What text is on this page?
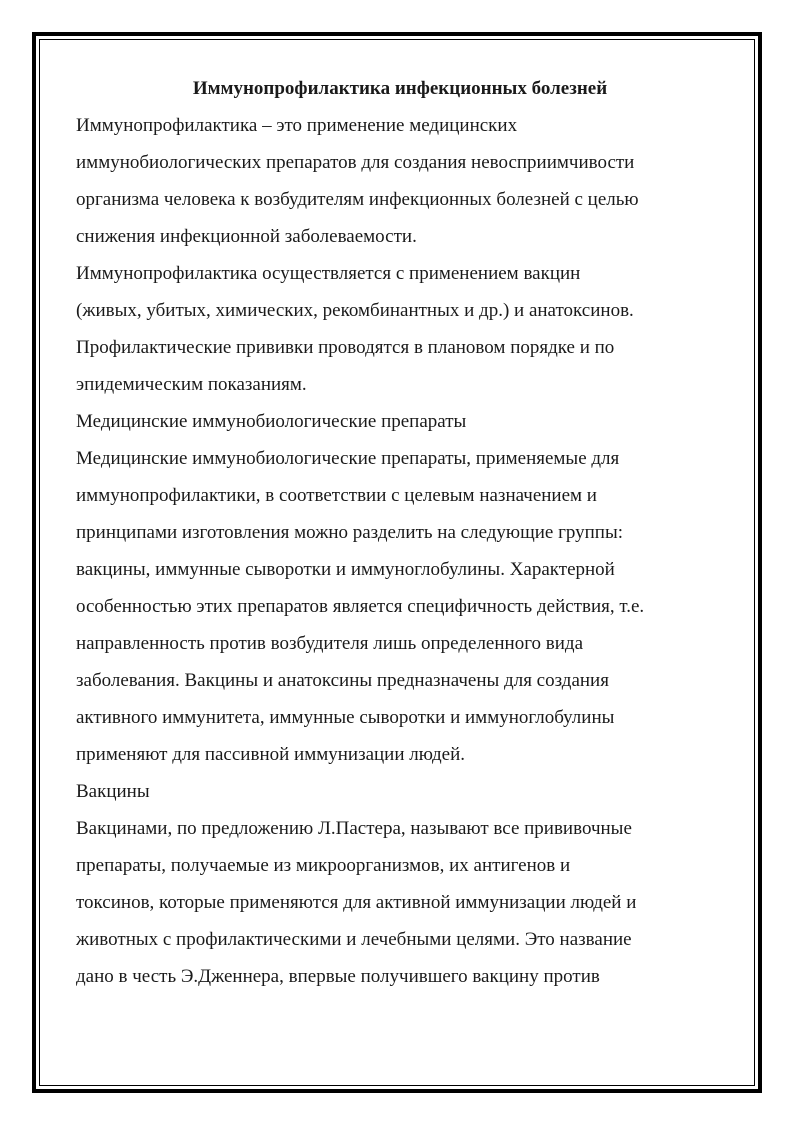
Иммунопрофилактика инфекционных болезней
Иммунопрофилактика – это применение медицинских
иммунобиологических препаратов для создания невосприимчивости
организма человека к возбудителям инфекционных болезней с целью
снижения инфекционной заболеваемости.
Иммунопрофилактика осуществляется с применением вакцин
(живых, убитых, химических, рекомбинантных и др.) и анатоксинов.
Профилактические прививки проводятся в плановом порядке и по
эпидемическим показаниям.
Медицинские иммунобиологические препараты
Медицинские иммунобиологические препараты, применяемые для
иммунопрофилактики, в соответствии с целевым назначением и
принципами изготовления можно разделить на следующие группы:
вакцины, иммунные сыворотки и иммуноглобулины. Характерной
особенностью этих препаратов является специфичность действия, т.е.
направленность против возбудителя лишь определенного вида
заболевания. Вакцины и анатоксины предназначены для создания
активного иммунитета, иммунные сыворотки и иммуноглобулины
применяют для пассивной иммунизации людей.
Вакцины
Вакцинами, по предложению Л.Пастера, называют все прививочные
препараты, получаемые из микроорганизмов, их антигенов и
токсинов, которые применяются для активной иммунизации людей и
животных с профилактическими и лечебными целями. Это название
дано в честь Э.Дженнера, впервые получившего вакцину против
